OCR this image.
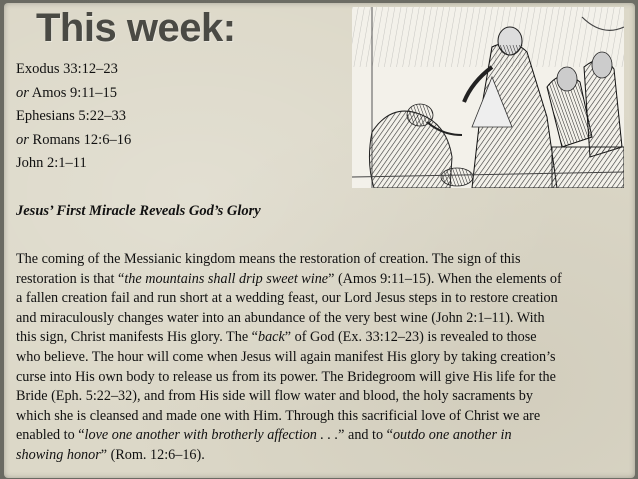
This week:
Exodus 33:12–23
or Amos 9:11–15
Ephesians 5:22–33
or Romans 12:6–16
John 2:1–11
Jesus’ First Miracle Reveals God’s Glory
The coming of the Messianic kingdom means the restoration of creation. The sign of this
restoration is that “the mountains shall drip sweet wine” (Amos 9:11–15). When the elements of
a fallen creation fail and run short at a wedding feast, our Lord Jesus steps in to restore creation
and miraculously changes water into an abundance of the very best wine (John 2:1–11). With
this sign, Christ manifests His glory. The “back” of God (Ex. 33:12–23) is revealed to those
who believe. The hour will come when Jesus will again manifest His glory by taking creation’s
curse into His own body to release us from its power. The Bridegroom will give His life for the
Bride (Eph. 5:22–32), and from His side will flow water and blood, the holy sacraments by
which she is cleansed and made one with Him. Through this sacrificial love of Christ we are
enabled to “love one another with brotherly affection . . .” and to “outdo one another in
showing honor” (Rom. 12:6–16).
